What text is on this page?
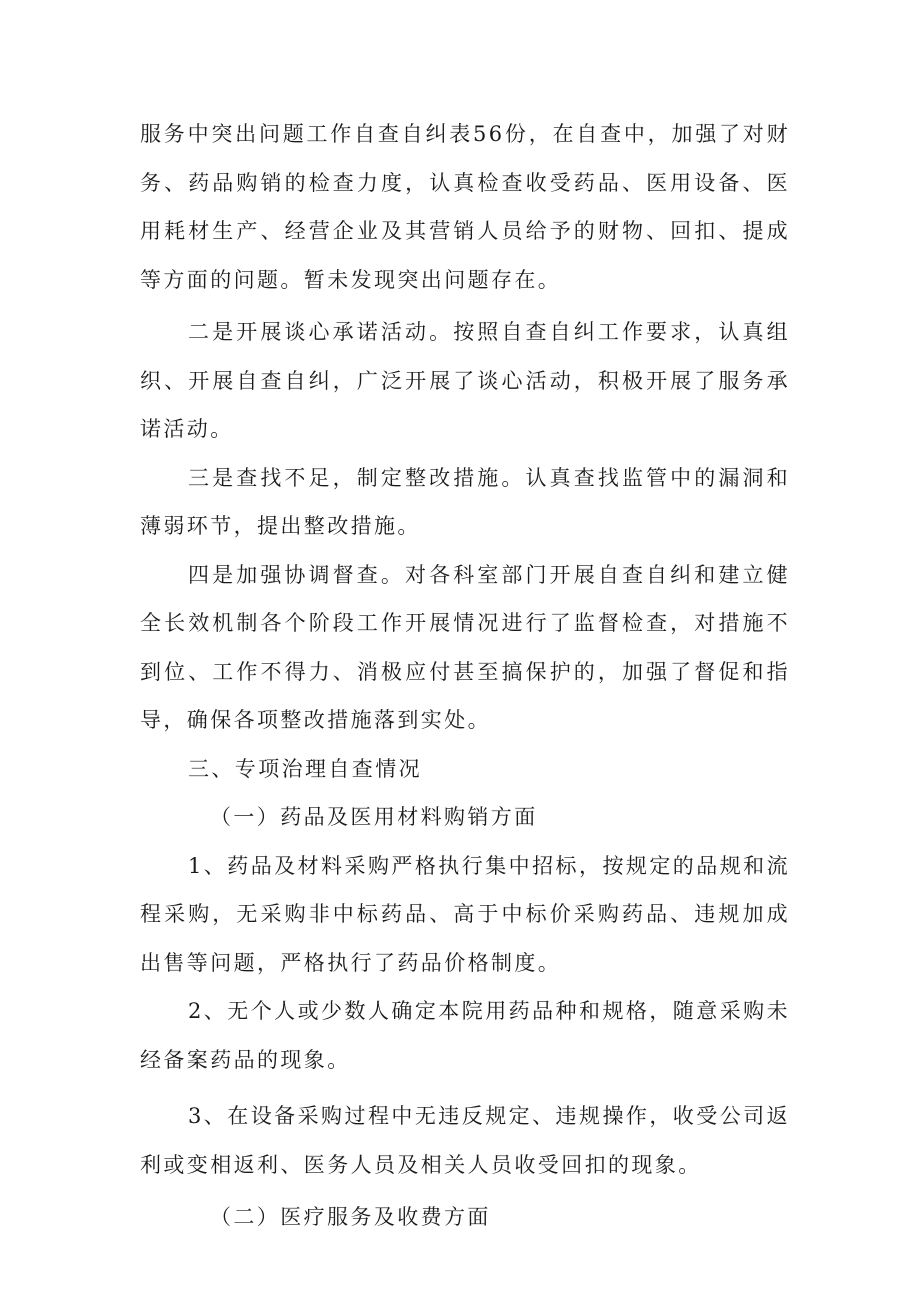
服务中突出问题工作自查自纠表56份，在自查中，加强了对财务、药品购销的检查力度，认真检查收受药品、医用设备、医用耗材生产、经营企业及其营销人员给予的财物、回扣、提成等方面的问题。暂未发现突出问题存在。

二是开展谈心承诺活动。按照自查自纠工作要求，认真组织、开展自查自纠，广泛开展了谈心活动，积极开展了服务承诺活动。

三是查找不足，制定整改措施。认真查找监管中的漏洞和薄弱环节，提出整改措施。

四是加强协调督查。对各科室部门开展自查自纠和建立健全长效机制各个阶段工作开展情况进行了监督检查，对措施不到位、工作不得力、消极应付甚至搞保护的，加强了督促和指导，确保各项整改措施落到实处。

三、专项治理自查情况

（一）药品及医用材料购销方面

1、药品及材料采购严格执行集中招标，按规定的品规和流程采购，无采购非中标药品、高于中标价采购药品、违规加成出售等问题，严格执行了药品价格制度。

2、无个人或少数人确定本院用药品种和规格，随意采购未经备案药品的现象。

3、在设备采购过程中无违反规定、违规操作，收受公司返利或变相返利、医务人员及相关人员收受回扣的现象。

（二）医疗服务及收费方面
